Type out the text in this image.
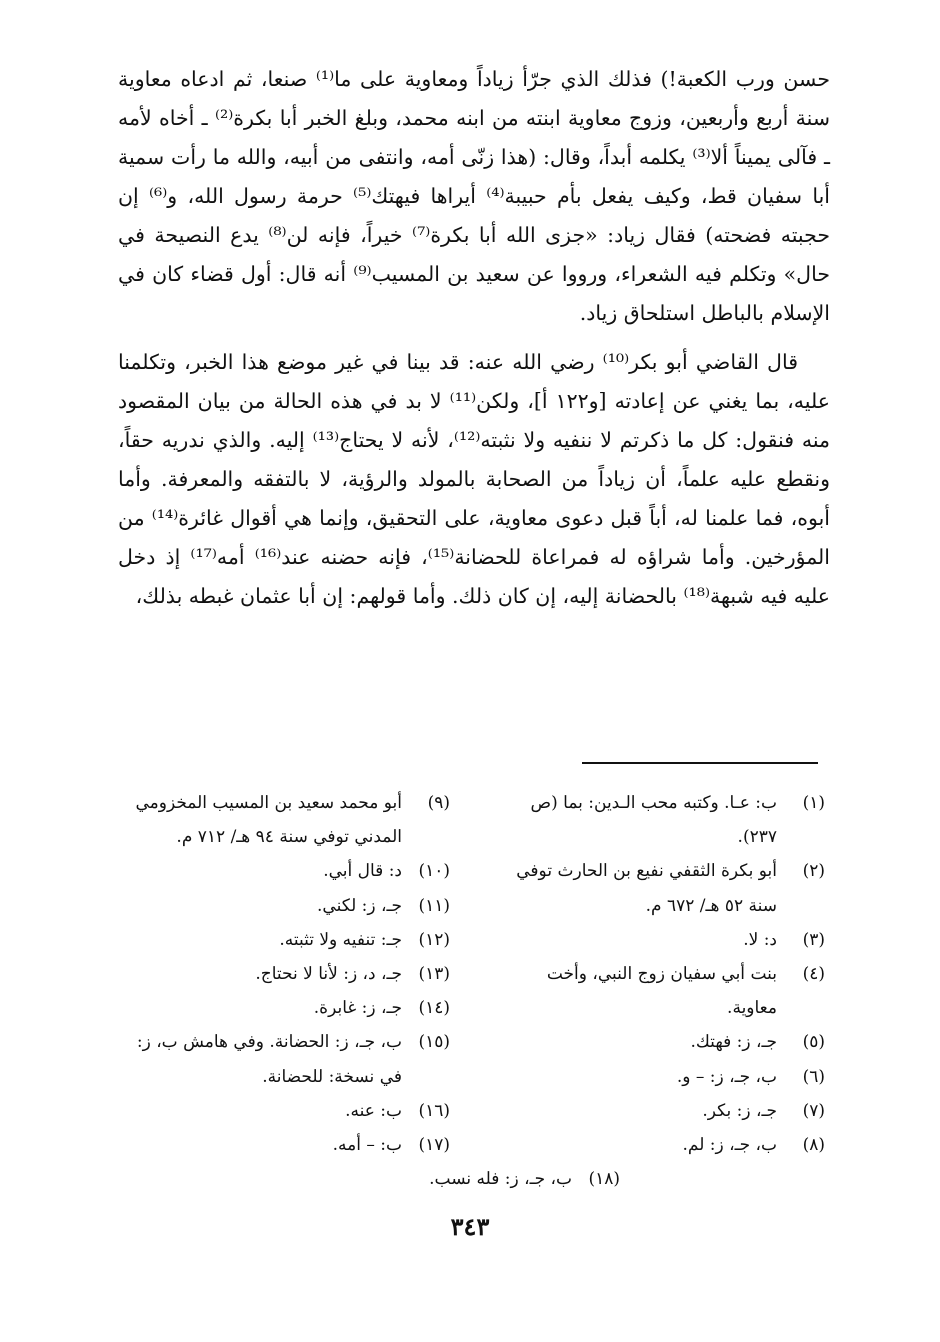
حسن ورب الكعبة!) فذلك الذي جرّأ زياداً ومعاوية على ما⁽¹⁾ صنعا، ثم ادعاه معاوية سنة أربع وأربعين، وزوج معاوية ابنته من ابنه محمد، وبلغ الخبر أبا بكرة⁽²⁾ ـ أخاه لأمه ـ فآلى يميناً ألا⁽³⁾ يكلمه أبداً، وقال: (هذا زنّى أمه، وانتفى من أبيه، والله ما رأت سمية أبا سفيان قط، وكيف يفعل بأم حبيبة⁽⁴⁾ أيراها فيهتك⁽⁵⁾ حرمة رسول الله، و⁽⁶⁾ إن حجبته فضحته) فقال زياد: «جزى الله أبا بكرة⁽⁷⁾ خيراً، فإنه لن⁽⁸⁾ يدع النصيحة في حال» وتكلم فيه الشعراء، ورووا عن سعيد بن المسيب⁽⁹⁾ أنه قال: أول قضاء كان في الإسلام بالباطل استلحاق زياد.

قال القاضي أبو بكر⁽¹⁰⁾ رضي الله عنه: قد بينا في غير موضع هذا الخبر، وتكلمنا عليه، بما يغني عن إعادته [و١٢٢ أ]، ولكن⁽¹¹⁾ لا بد في هذه الحالة من بيان المقصود منه فنقول: كل ما ذكرتم لا ننفيه ولا نثبته⁽¹²⁾، لأنه لا يحتاج⁽¹³⁾ إليه. والذي ندريه حقاً، ونقطع عليه علماً، أن زياداً من الصحابة بالمولد والرؤية، لا بالتفقه والمعرفة. وأما أبوه، فما علمنا له، أباً قبل دعوى معاوية، على التحقيق، وإنما هي أقوال غائرة⁽¹⁴⁾ من المؤرخين. وأما شراؤه له فمراعاة للحضانة⁽¹⁵⁾، فإنه حضنه عند⁽¹⁶⁾ أمه⁽¹⁷⁾ إذ دخل عليه فيه شبهة⁽¹⁸⁾ بالحضانة إليه، إن كان ذلك. وأما قولهم: إن أبا عثمان غبطه بذلك،

(١)
ب: عـا. وكتبه محب الـدين: بما (ص ٢٣٧).
(٢)
أبو بكرة الثقفي نفيع بن الحارث توفي سنة ٥٢ هـ/ ٦٧٢ م.
(٣)
د: لا.
(٤)
بنت أبي سفيان زوج النبي، وأخت معاوية.
(٥)
جـ، ز: فهتك.
(٦)
ب، جـ، ز: – و.
(٧)
جـ، ز: بكر.
(٨)
ب، جـ، ز: لم.
(٩)
أبو محمد سعيد بن المسيب المخزومي المدني توفي سنة ٩٤ هـ/ ٧١٢ م.
(١٠)
د: قال أبي.
(١١)
جـ، ز: لكني.
(١٢)
جـ: تنفيه ولا تثبته.
(١٣)
جـ، د، ز: لأنا لا نحتاج.
(١٤)
جـ، ز: غابرة.
(١٥)
ب، جـ، ز: الحضانة. وفي هامش ب، ز: في نسخة: للحضانة.
(١٦)
ب: عنه.
(١٧)
ب: – أمه.
(١٨)
ب، جـ، ز: فله نسب.
٣٤٣
